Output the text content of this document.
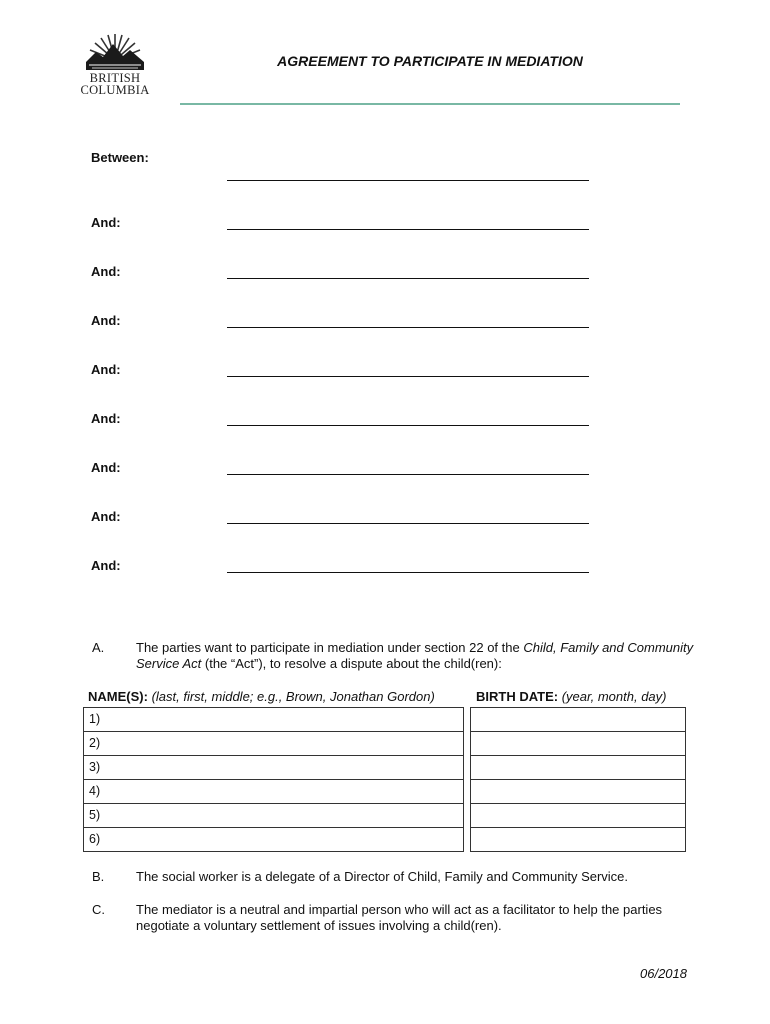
BRITISH
COLUMBIA
AGREEMENT TO PARTICIPATE IN MEDIATION
Between:
And:
And:
And:
And:
And:
And:
And:
And:
A. The parties want to participate in mediation under section 22 of the Child, Family and Community Service Act (the “Act”), to resolve a dispute about the child(ren):
NAME(S): (last, first, middle; e.g., Brown, Jonathan Gordon)	BIRTH DATE: (year, month, day)
1)
2)
3)
4)
5)
6)
B. The social worker is a delegate of a Director of Child, Family and Community Service.
C. The mediator is a neutral and impartial person who will act as a facilitator to help the parties negotiate a voluntary settlement of issues involving a child(ren).
06/2018
